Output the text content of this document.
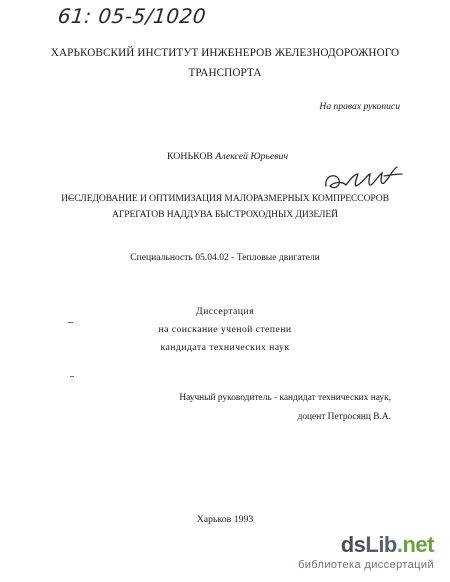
61: 05-5/1020
ХАРЬКОВСКИЙ ИНСТИТУТ ИНЖЕНЕРОВ ЖЕЛЕЗНОДОРОЖНОГО
ТРАНСПОРТА
На правах рукописи
КОНЬКОВ Алексей Юрьевич
ИССЛЕДОВАНИЕ И ОПТИМИЗАЦИЯ МАЛОРАЗМЕРНЫХ КОМПРЕССОРОВ
АГРЕГАТОВ НАДДУВА БЫСТРОХОДНЫХ ДИЗЕЛЕЙ
Специальность 05.04.02 - Тепловые двигатели
Диссертация
на соискание ученой степени
кандидата технических наук
Научный руководитель - кандидат технических наук,
доцент Петросянц В.А.
Харьков 1993
dsLib.net
библиотека диссертаций
